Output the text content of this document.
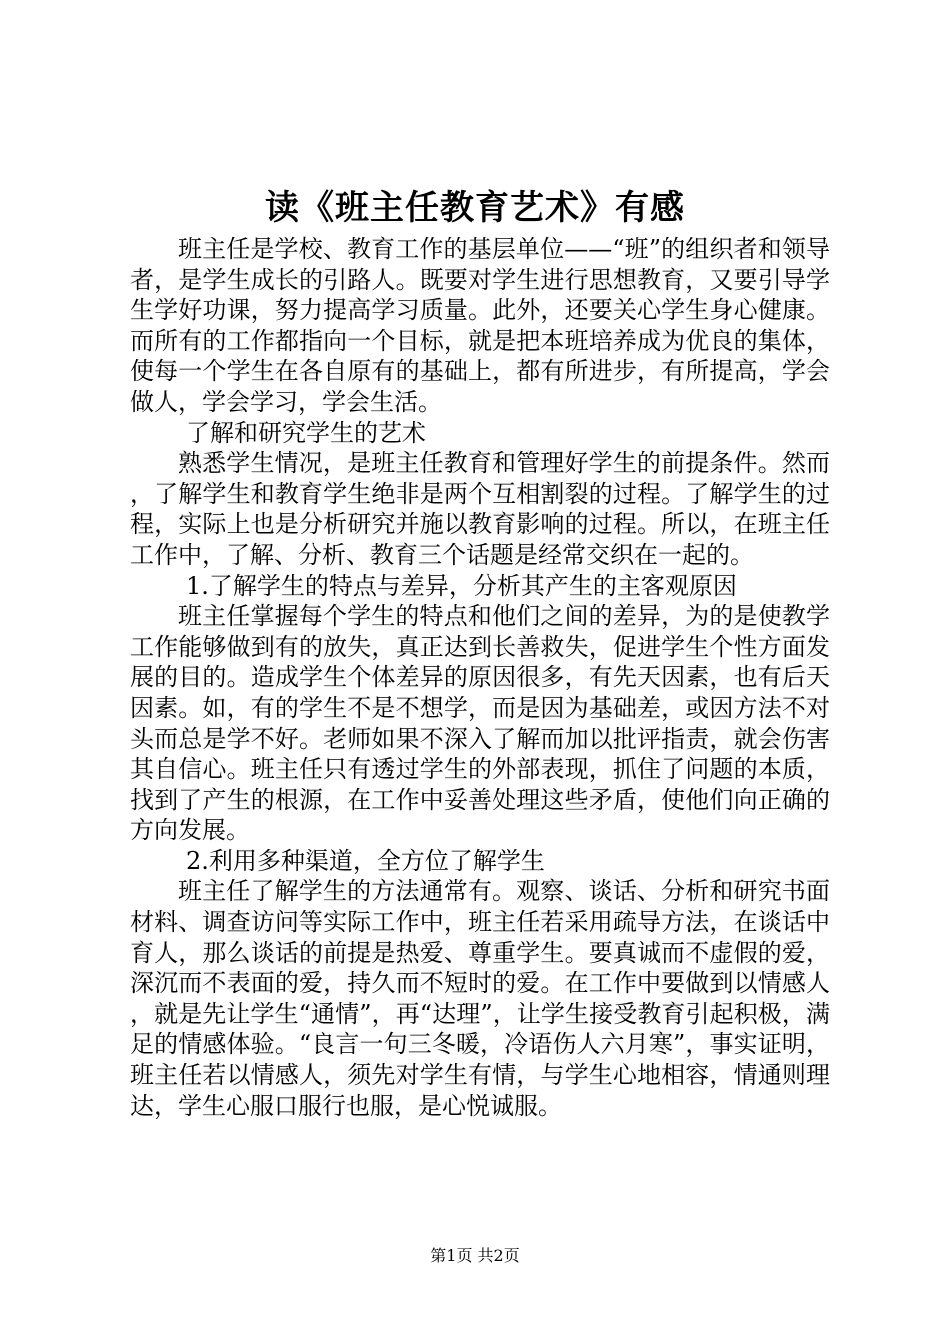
读《班主任教育艺术》有感

班主任是学校、教育工作的基层单位——“班”的组织者和领导者，是学生成长的引路人。既要对学生进行思想教育，又要引导学生学好功课，努力提高学习质量。此外，还要关心学生身心健康。而所有的工作都指向一个目标，就是把本班培养成为优良的集体，使每一个学生在各自原有的基础上，都有所进步，有所提高，学会做人，学会学习，学会生活。

了解和研究学生的艺术

熟悉学生情况，是班主任教育和管理好学生的前提条件。然而，了解学生和教育学生绝非是两个互相割裂的过程。了解学生的过程，实际上也是分析研究并施以教育影响的过程。所以，在班主任工作中，了解、分析、教育三个话题是经常交织在一起的。

1.了解学生的特点与差异，分析其产生的主客观原因

班主任掌握每个学生的特点和他们之间的差异，为的是使教学工作能够做到有的放失，真正达到长善救失，促进学生个性方面发展的目的。造成学生个体差异的原因很多，有先天因素，也有后天因素。如，有的学生不是不想学，而是因为基础差，或因方法不对头而总是学不好。老师如果不深入了解而加以批评指责，就会伤害其自信心。班主任只有透过学生的外部表现，抓住了问题的本质，找到了产生的根源，在工作中妥善处理这些矛盾，使他们向正确的方向发展。

2.利用多种渠道，全方位了解学生

班主任了解学生的方法通常有。观察、谈话、分析和研究书面材料、调查访问等实际工作中，班主任若采用疏导方法，在谈话中育人，那么谈话的前提是热爱、尊重学生。要真诚而不虚假的爱，深沉而不表面的爱，持久而不短时的爱。在工作中要做到以情感人，就是先让学生“通情”，再“达理”，让学生接受教育引起积极，满足的情感体验。“良言一句三冬暖，冷语伤人六月寒”，事实证明，班主任若以情感人，须先对学生有情，与学生心地相容，情通则理达，学生心服口服行也服，是心悦诚服。

第1页 共2页
